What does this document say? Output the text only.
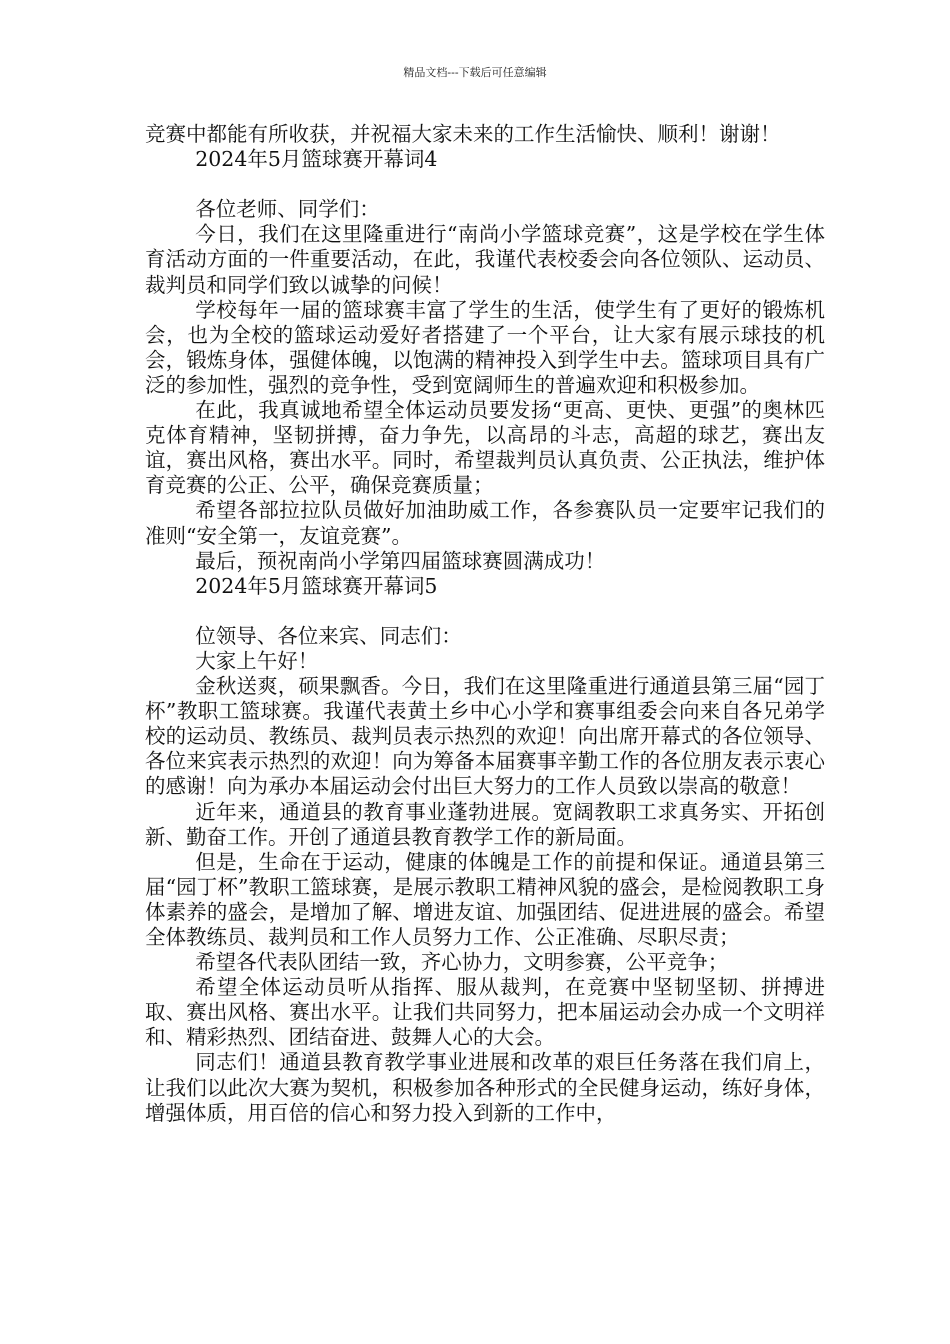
精品文档---下载后可任意编辑

竞赛中都能有所收获，并祝福大家未来的工作生活愉快、顺利！谢谢！

2024年5月篮球赛开幕词4

各位老师、同学们：

今日，我们在这里隆重进行“南尚小学篮球竞赛”，这是学校在学生体育活动方面的一件重要活动，在此，我谨代表校委会向各位领队、运动员、裁判员和同学们致以诚挚的问候！

学校每年一届的篮球赛丰富了学生的生活，使学生有了更好的锻炼机会，也为全校的篮球运动爱好者搭建了一个平台，让大家有展示球技的机会，锻炼身体，强健体魄，以饱满的精神投入到学生中去。篮球项目具有广泛的参加性，强烈的竞争性，受到宽阔师生的普遍欢迎和积极参加。

在此，我真诚地希望全体运动员要发扬“更高、更快、更强”的奥林匹克体育精神，坚韧拼搏，奋力争先，以高昂的斗志，高超的球艺，赛出友谊，赛出风格，赛出水平。同时，希望裁判员认真负责、公正执法，维护体育竞赛的公正、公平，确保竞赛质量；

希望各部拉拉队员做好加油助威工作，各参赛队员一定要牢记我们的准则“安全第一，友谊竞赛”。

最后，预祝南尚小学第四届篮球赛圆满成功！

2024年5月篮球赛开幕词5

位领导、各位来宾、同志们：

大家上午好！

金秋送爽，硕果飘香。今日，我们在这里隆重进行通道县第三届“园丁杯”教职工篮球赛。我谨代表黄土乡中心小学和赛事组委会向来自各兄弟学校的运动员、教练员、裁判员表示热烈的欢迎！向出席开幕式的各位领导、各位来宾表示热烈的欢迎！向为筹备本届赛事辛勤工作的各位朋友表示衷心的感谢！向为承办本届运动会付出巨大努力的工作人员致以崇高的敬意！

近年来，通道县的教育事业蓬勃进展。宽阔教职工求真务实、开拓创新、勤奋工作。开创了通道县教育教学工作的新局面。

但是，生命在于运动，健康的体魄是工作的前提和保证。通道县第三届“园丁杯”教职工篮球赛，是展示教职工精神风貌的盛会，是检阅教职工身体素养的盛会，是增加了解、增进友谊、加强团结、促进进展的盛会。希望全体教练员、裁判员和工作人员努力工作、公正准确、尽职尽责；

希望各代表队团结一致，齐心协力，文明参赛，公平竞争；

希望全体运动员听从指挥、服从裁判，在竞赛中坚韧坚韧、拼搏进取、赛出风格、赛出水平。让我们共同努力，把本届运动会办成一个文明祥和、精彩热烈、团结奋进、鼓舞人心的大会。

同志们！通道县教育教学事业进展和改革的艰巨任务落在我们肩上，让我们以此次大赛为契机，积极参加各种形式的全民健身运动，练好身体，增强体质，用百倍的信心和努力投入到新的工作中，
